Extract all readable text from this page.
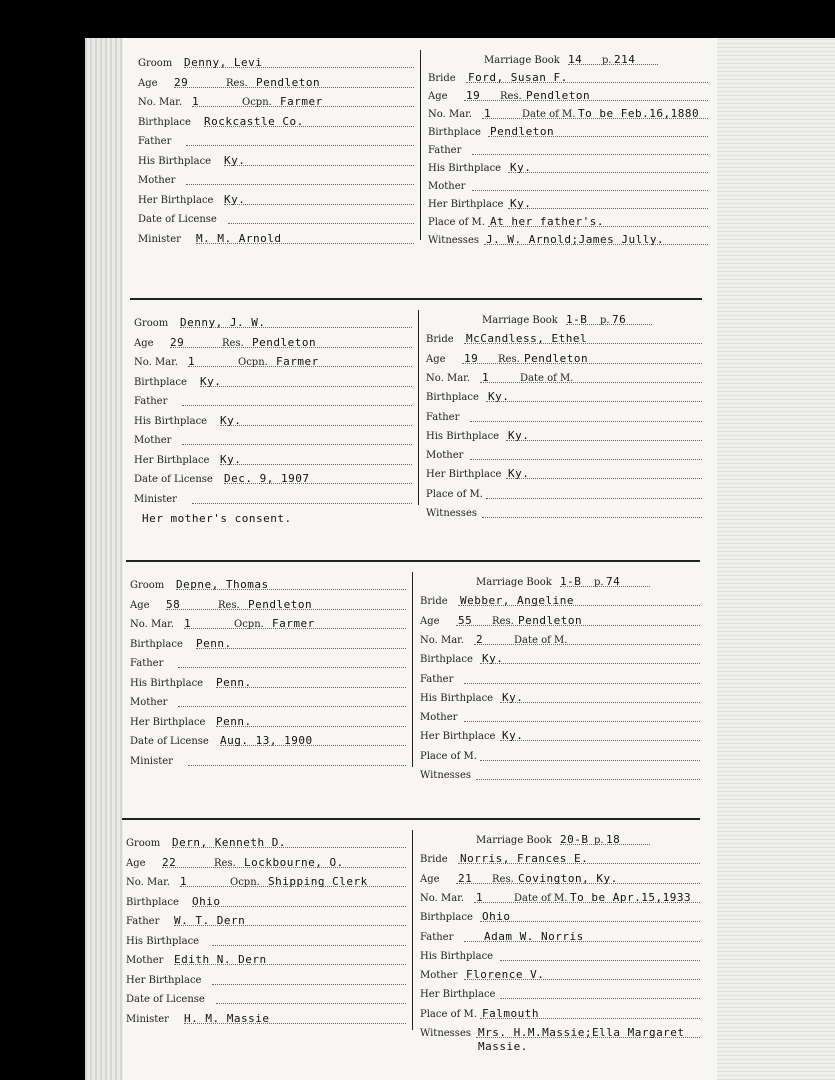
Groom Denny, Levi
Age 29	Res. Pendleton
No. Mar. 1	Ocpn. Farmer
Birthplace Rockcastle Co.
Father
His Birthplace Ky.
Mother
Her Birthplace Ky.
Date of License
Minister M. M. Arnold
Marriage Book 14 p. 214
Bride Ford, Susan F.
Age 19 Res. Pendleton
No. Mar. 1	Date of M. To be Feb.16,1880
Birthplace Pendleton
Father
His Birthplace Ky.
Mother
Her Birthplace Ky.
Place of M. At her father's.
Witnesses J. W. Arnold;James Jully.
Groom Denny, J. W.
Age 29	Res. Pendleton
No. Mar. 1	Ocpn. Farmer
Birthplace Ky.
Father
His Birthplace Ky.
Mother
Her Birthplace Ky.
Date of License Dec. 9, 1907
Minister
Marriage Book 1-B p. 76
Bride McCandless, Ethel
Age 19 Res. Pendleton
No. Mar. 1	Date of M.
Birthplace Ky.
Father
His Birthplace Ky.
Mother
Her Birthplace Ky.
Place of M.
Witnesses
Her mother's consent.
Groom Depne, Thomas
Age 58	Res. Pendleton
No. Mar. 1	Ocpn. Farmer
Birthplace Penn.
Father
His Birthplace Penn.
Mother
Her Birthplace Penn.
Date of License Aug. 13, 1900
Minister
Marriage Book 1-B p. 74
Bride Webber, Angeline
Age 55 Res. Pendleton
No. Mar. 2	Date of M.
Birthplace Ky.
Father
His Birthplace Ky.
Mother
Her Birthplace Ky.
Place of M.
Witnesses
Groom Dern, Kenneth D.
Age 22	Res. Lockbourne, O.
No. Mar. 1	Ocpn. Shipping Clerk
Birthplace Ohio
Father W. T. Dern
His Birthplace
Mother Edith N. Dern
Her Birthplace
Date of License
Minister H. M. Massie
Marriage Book 20-B p. 18
Bride Norris, Frances E.
Age 21 Res. Covington, Ky.
No. Mar. 1	Date of M. To be Apr.15,1933
Birthplace Ohio
Father	Adam W. Norris
His Birthplace
Mother Florence V.
Her Birthplace
Place of M. Falmouth
Witnesses Mrs. H.M.Massie;Ella Margaret Massie.
